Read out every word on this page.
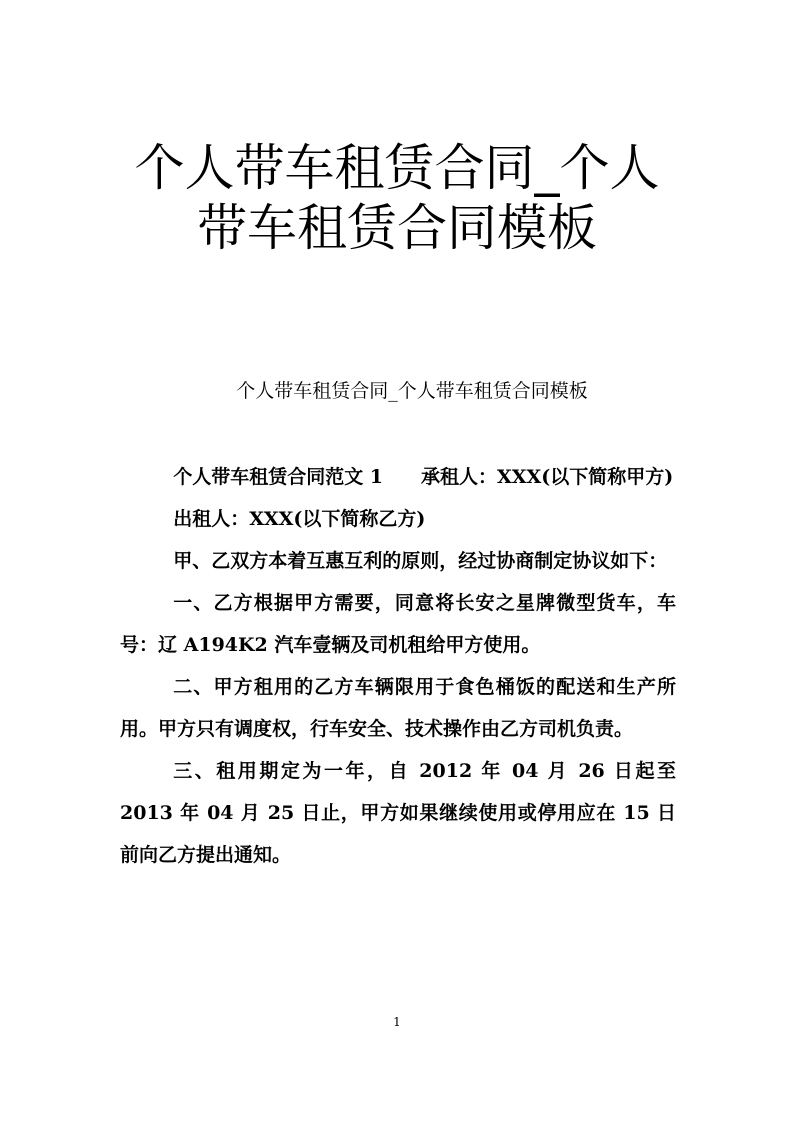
个人带车租赁合同_个人
带车租赁合同模板
个人带车租赁合同_个人带车租赁合同模板

个人带车租赁合同范文 1　　承租人：XXX(以下简称甲方)

出租人：XXX(以下简称乙方)

甲、乙双方本着互惠互利的原则，经过协商制定协议如下：

一、乙方根据甲方需要，同意将长安之星牌微型货车，车号：辽 A194K2 汽车壹辆及司机租给甲方使用。

二、甲方租用的乙方车辆限用于食色桶饭的配送和生产所用。甲方只有调度权，行车安全、技术操作由乙方司机负责。

三、租用期定为一年，自 2012 年 04 月 26 日起至 2013 年 04 月 25 日止，甲方如果继续使用或停用应在 15 日前向乙方提出通知。

1
